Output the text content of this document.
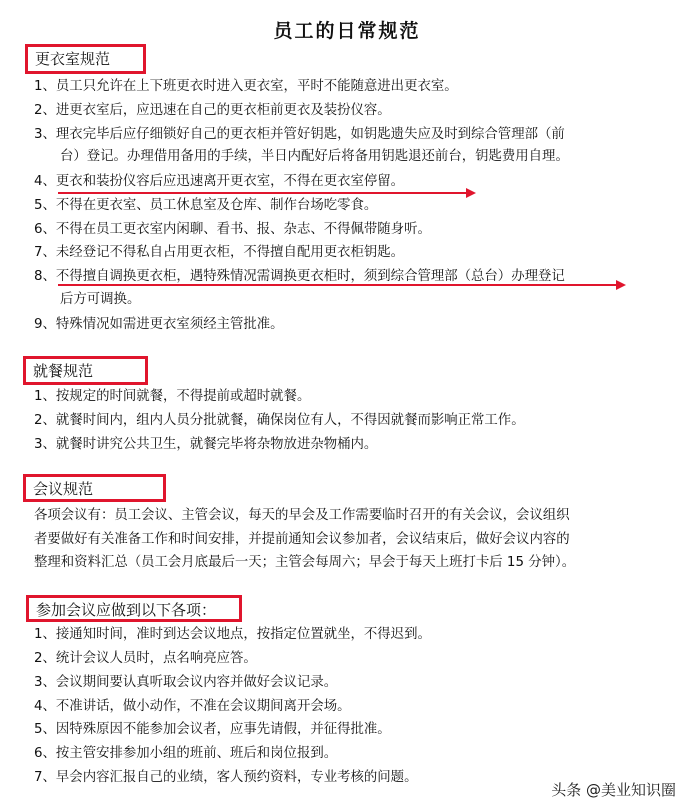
员工的日常规范
更衣室规范
1、员工只允许在上下班更衣时进入更衣室，平时不能随意进出更衣室。
2、进更衣室后，应迅速在自己的更衣柜前更衣及装扮仪容。
3、理衣完毕后应仔细锁好自己的更衣柜并管好钥匙，如钥匙遗失应及时到综合管理部（前
台）登记。办理借用备用的手续，半日内配好后将备用钥匙退还前台，钥匙费用自理。
4、更衣和装扮仪容后应迅速离开更衣室，不得在更衣室停留。
5、不得在更衣室、员工休息室及仓库、制作台场吃零食。
6、不得在员工更衣室内闲聊、看书、报、杂志、不得佩带随身听。
7、未经登记不得私自占用更衣柜，不得擅自配用更衣柜钥匙。
8、不得擅自调换更衣柜，遇特殊情况需调换更衣柜时，须到综合管理部（总台）办理登记
后方可调换。
9、特殊情况如需进更衣室须经主管批准。
就餐规范
1、按规定的时间就餐，不得提前或超时就餐。
2、就餐时间内，组内人员分批就餐，确保岗位有人，不得因就餐而影响正常工作。
3、就餐时讲究公共卫生，就餐完毕将杂物放进杂物桶内。
会议规范
各项会议有：员工会议、主管会议，每天的早会及工作需要临时召开的有关会议，会议组织
者要做好有关准备工作和时间安排，并提前通知会议参加者，会议结束后，做好会议内容的
整理和资料汇总（员工会月底最后一天；主管会每周六；早会于每天上班打卡后 15 分钟）。
参加会议应做到以下各项：
1、接通知时间，准时到达会议地点，按指定位置就坐，不得迟到。
2、统计会议人员时，点名响亮应答。
3、会议期间要认真听取会议内容并做好会议记录。
4、不准讲话，做小动作，不准在会议期间离开会场。
5、因特殊原因不能参加会议者，应事先请假，并征得批准。
6、按主管安排参加小组的班前、班后和岗位报到。
7、早会内容汇报自己的业绩，客人预约资料，专业考核的问题。
头条 @美业知识圈
